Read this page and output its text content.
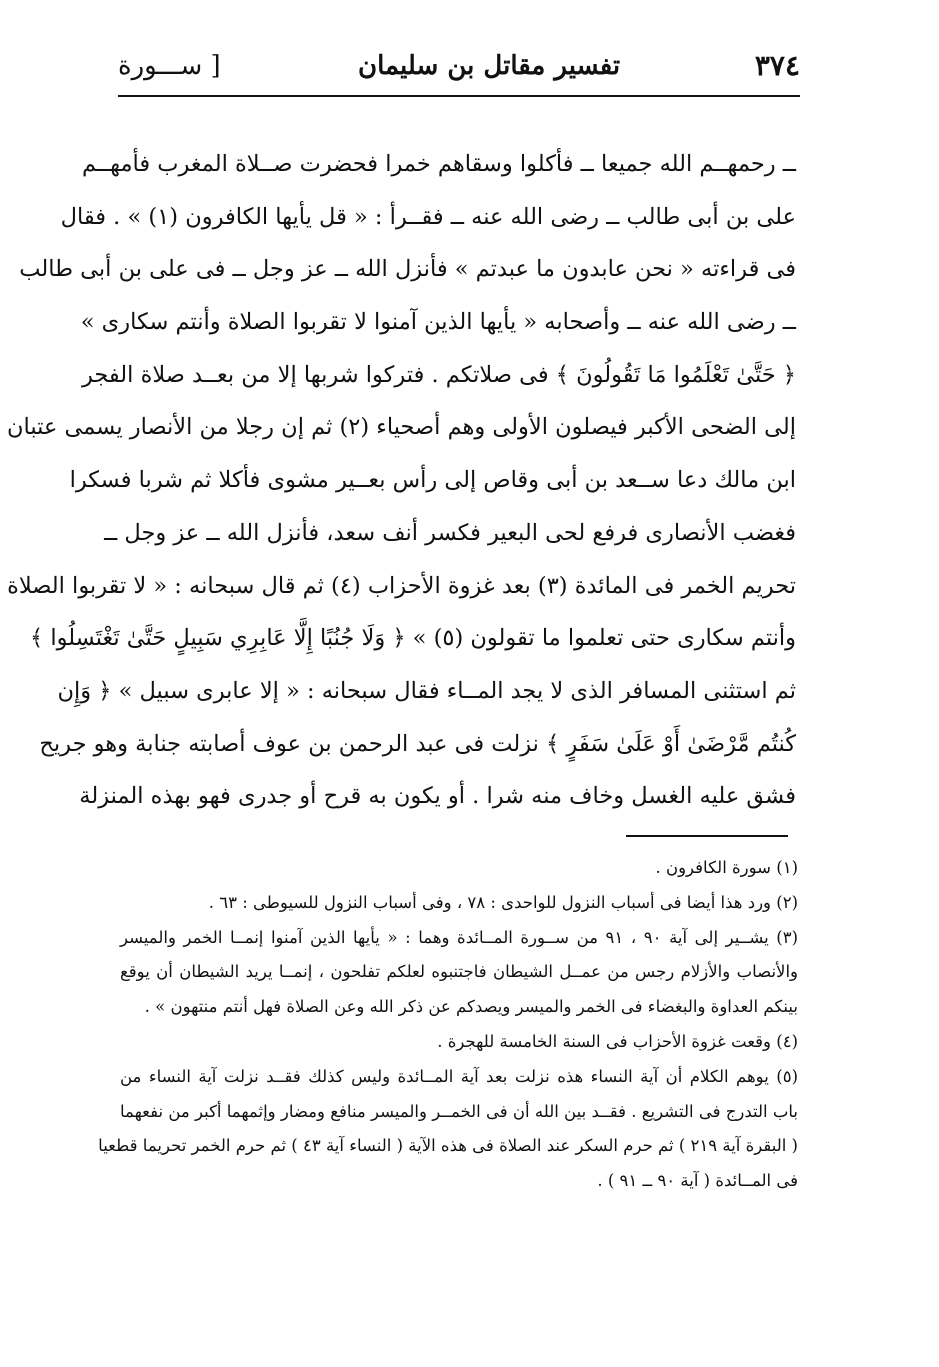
[ ســـورة	تفسير مقاتل بن سليمان	٣٧٤
ــ رحمهــم الله جميعا ــ فأكلوا وسقاهم خمرا فحضرت صــلاة المغرب فأمهــم
على بن أبى طالب ــ رضى الله عنه ــ فقــرأ : « قل يأيها الكافرون (١) » . فقال
فى قراءته « نحن عابدون ما عبدتم » فأنزل الله ــ عز وجل ــ فى على بن أبى طالب
ــ رضى الله عنه ــ وأصحابه « يأيها الذين آمنوا لا تقربوا الصلاة وأنتم سكارى »
﴿ حَتَّىٰ تَعْلَمُوا مَا تَقُولُونَ ﴾ فى صلاتكم . فتركوا شربها إلا من بعــد صلاة الفجر
إلى الضحى الأكبر فيصلون الأولى وهم أصحياء (٢) ثم إن رجلا من الأنصار يسمى عتبان
ابن مالك دعا ســعد بن أبى وقاص إلى رأس بعــير مشوى فأكلا ثم شربا فسكرا
فغضب الأنصارى فرفع لحى البعير فكسر أنف سعد، فأنزل الله ــ عز وجل ــ
تحريم الخمر فى المائدة (٣) بعد غزوة الأحزاب (٤) ثم قال سبحانه : « لا تقربوا الصلاة
وأنتم سكارى حتى تعلموا ما تقولون (٥) » ﴿ وَلَا جُنُبًا إِلَّا عَابِرِي سَبِيلٍ حَتَّىٰ تَغْتَسِلُوا ﴾
ثم استثنى المسافر الذى لا يجد المــاء فقال سبحانه : « إلا عابرى سبيل » ﴿ وَإِن
كُنتُم مَّرْضَىٰ أَوْ عَلَىٰ سَفَرٍ ﴾ نزلت فى عبد الرحمن بن عوف أصابته جنابة وهو جريح
فشق عليه الغسل وخاف منه شرا . أو يكون به قرح أو جدرى فهو بهذه المنزلة
(١) سورة الكافرون .
(٢) ورد هذا أيضا فى أسباب النزول للواحدى : ٧٨ ، وفى أسباب النزول للسيوطى : ٦٣ .
(٣) يشــير إلى آية ٩٠ ، ٩١ من ســورة المــائدة وهما : « يأيها الذين آمنوا إنمــا الخمر والميسر
والأنصاب والأزلام رجس من عمــل الشيطان فاجتنبوه لعلكم تفلحون ، إنمــا يريد الشيطان أن يوقع
بينكم العداوة والبغضاء فى الخمر والميسر ويصدكم عن ذكر الله وعن الصلاة فهل أنتم منتهون » .
(٤) وقعت غزوة الأحزاب فى السنة الخامسة للهجرة .
(٥) يوهم الكلام أن آية النساء هذه نزلت بعد آية المــائدة وليس كذلك فقــد نزلت آية النساء من
باب التدرج فى التشريع . فقــد بين الله أن فى الخمــر والميسر منافع ومضار وإثمهما أكبر من نفعهما
( البقرة آية ٢١٩ ) ثم حرم السكر عند الصلاة فى هذه الآية ( النساء آية ٤٣ ) ثم حرم الخمر تحريما قطعيا
فى المــائدة ( آية ٩٠ ــ ٩١ ) .
